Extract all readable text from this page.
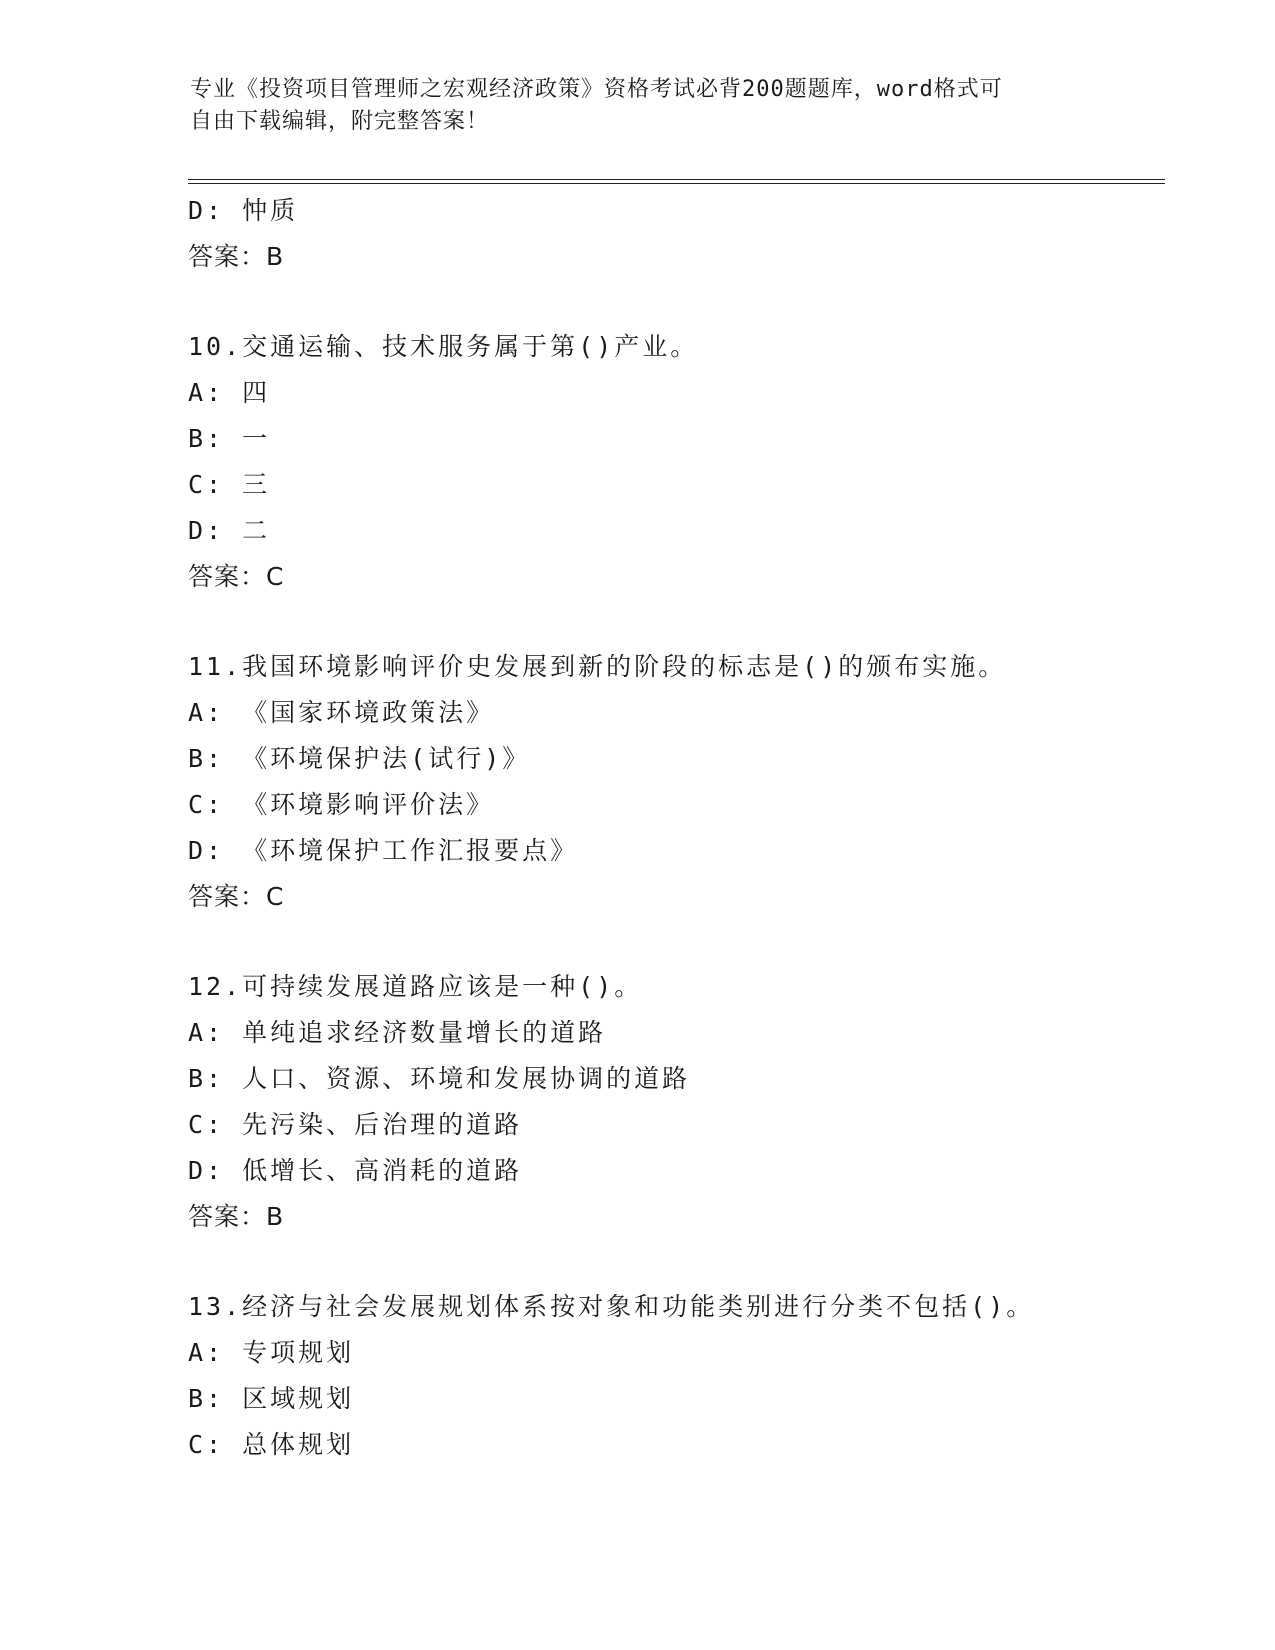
专业《投资项目管理师之宏观经济政策》资格考试必背200题题库，word格式可
自由下载编辑，附完整答案！
D: 忡质
答案：B
10.交通运输、技术服务属于第()产业。
A: 四
B: 一
C: 三
D: 二
答案：C
11.我国环境影响评价史发展到新的阶段的标志是()的颁布实施。
A: 《国家环境政策法》
B: 《环境保护法(试行)》
C: 《环境影响评价法》
D: 《环境保护工作汇报要点》
答案：C
12.可持续发展道路应该是一种()。
A: 单纯追求经济数量增长的道路
B: 人口、资源、环境和发展协调的道路
C: 先污染、后治理的道路
D: 低增长、高消耗的道路
答案：B
13.经济与社会发展规划体系按对象和功能类别进行分类不包括()。
A: 专项规划
B: 区域规划
C: 总体规划
